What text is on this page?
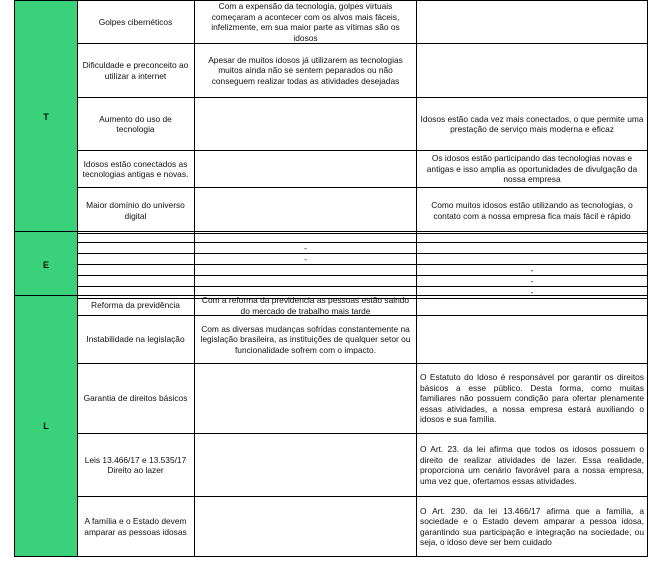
T
Golpes cibernéticos
Com a expensão da tecnologia, golpes virtuais começaram a acontecer com os alvos mais fáceis, infelizmente, em sua maior parte as vítimas são os idosos
Dificuldade e preconceito ao utilizar a internet
Apesar de muitos idosos já utilizarem as tecnologias muitos ainda não se sentem peparados ou não conseguem realizar todas as atividades desejadas
Aumento do uso de tecnologia
Idosos estão cada vez mais conectados, o que permite uma prestação de serviço mais moderna e eficaz
Idosos estão conectados as tecnologias antigas e novas.
Os idosos estão participando das tecnologias novas e antigas e isso amplia as oportunidades de divulgação da nossa empresa
Maior domínio do universo digital
Como muitos idosos estão utilizando as tecnologias, o contato com a nossa empresa fica mais fácil e rápido
E
-
-
-
-
-
L
Reforma da previdência
Com a reforma da previdencia as pessoas estão saindo do mercado de trabalho mais tarde
Instabilidade na legislação
Com as diversas mudanças sofridas constantemente na legislação brasileira, as instituições de qualquer setor ou funcionalidade sofrem com o impacto.
Garantia de direitos básicos
O Estatuto do Idoso é responsável por garantir os direitos básicos a esse público. Desta forma, como muitas familiares não possuem condição para ofertar plenamente essas atividades, a nossa empresa estará auxiliando o idosos e sua família.
Leis 13.466/17 e 13.535/17 Direito ao lazer
O Art. 23. da lei afirma que todos os idosos possuem o direito de realizar atividades de lazer. Essa realidade, proporciona um cenário favorável para a nossa empresa, uma vez que, ofertamos essas atividades.
A família e o Estado devem amparar as pessoas idosas
O Art. 230. da lei 13.466/17 afirma que a família, a sociedade e o Estado devem amparar a pessoa idosa, garantindo sua participação e integração na sociedade, ou seja, o idoso deve ser bem cuidado
